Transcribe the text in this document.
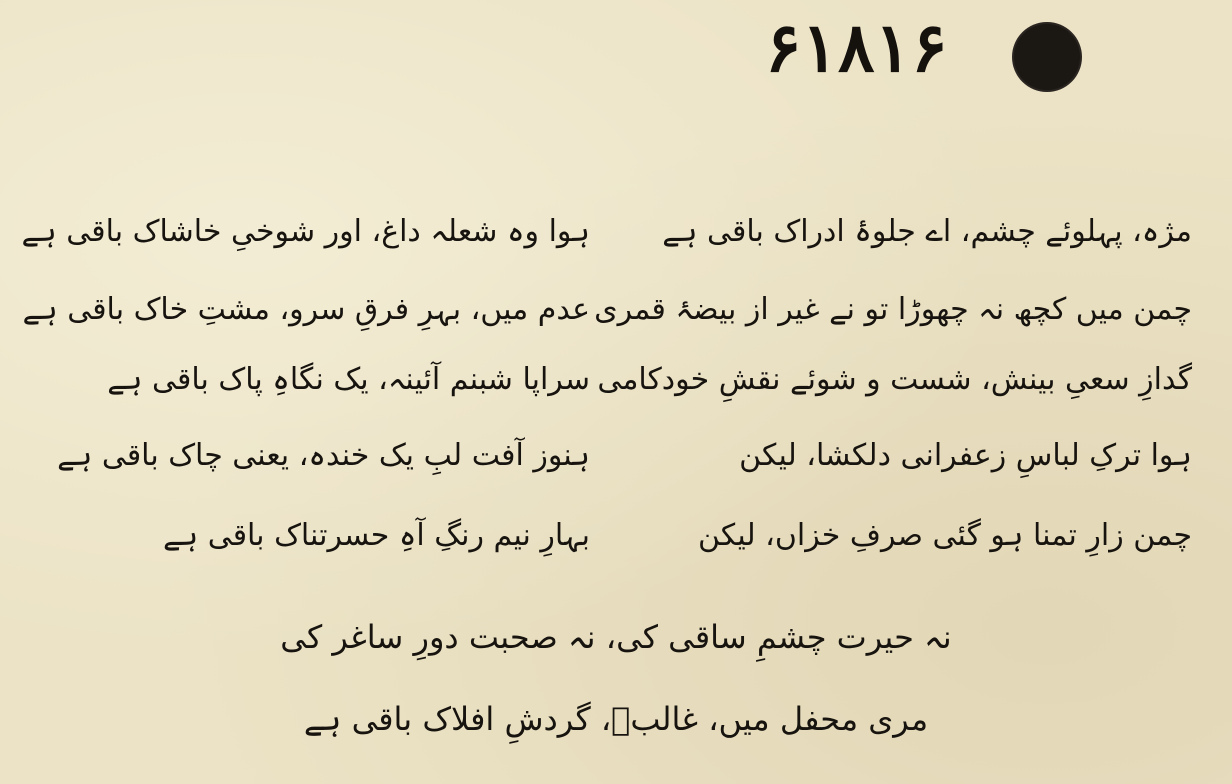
۶۱۸۱۶
مژہ، پہلوئے چشم، اے جلوۂ ادراک باقی ہے
ہوا وہ شعلہ داغ، اور شوخیِ خاشاک باقی ہے
چمن میں کچھ نہ چھوڑا تو نے غیر از بیضۂ قمری
عدم میں، بہرِ فرقِ سرو، مشتِ خاک باقی ہے
گدازِ سعیِ بینش، شست و شوئے نقشِ خودکامی
سراپا شبنم آئینہ، یک نگاہِ پاک باقی ہے
ہوا ترکِ لباسِ زعفرانی دلکشا، لیکن
ہنوز آفت لبِ یک خندہ، یعنی چاک باقی ہے
چمن زارِ تمنا ہو گئی صرفِ خزاں، لیکن
بہارِ نیم رنگِ آہِ حسرتناک باقی ہے
نہ حیرت چشمِ ساقی کی، نہ صحبت دورِ ساغر کی
مری محفل میں، غالبؔ، گردشِ افلاک باقی ہے
